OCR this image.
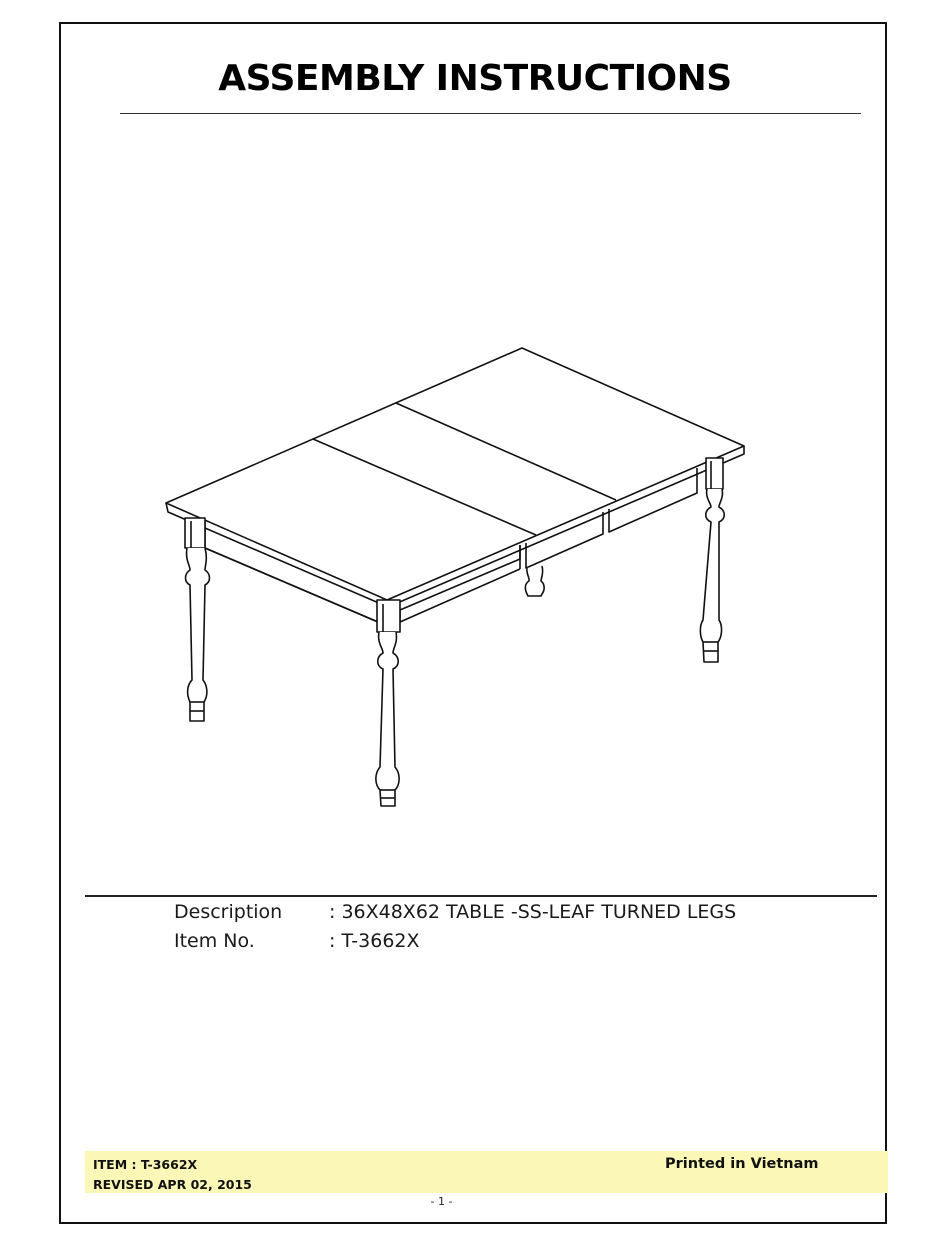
ASSEMBLY INSTRUCTIONS
Description : 36X48X62 TABLE -SS-LEAF TURNED LEGS
Item No.	: T-3662X
ITEM : T-3662X
REVISED APR 02, 2015
Printed in Vietnam
- 1 -
